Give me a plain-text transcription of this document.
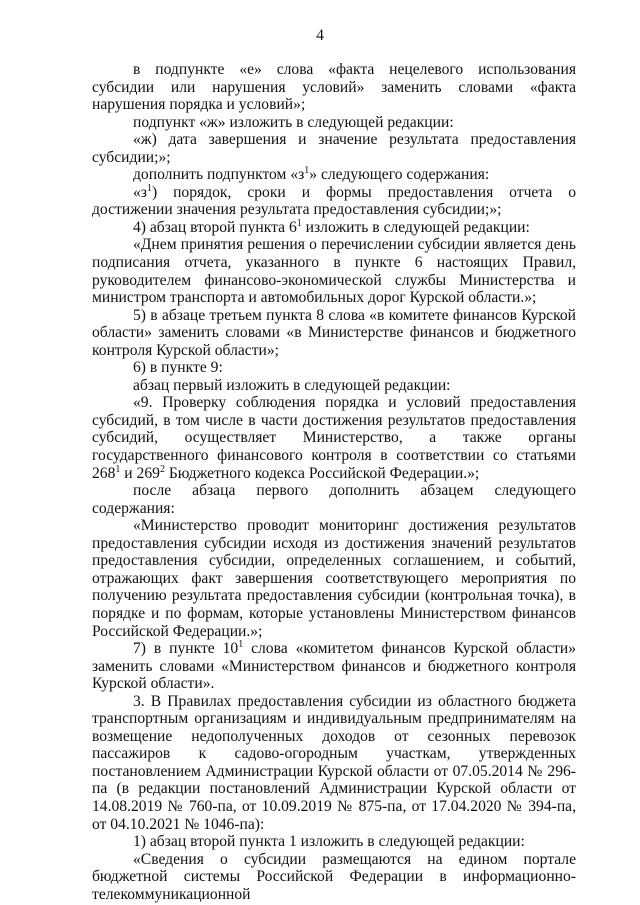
4

в подпункте «е» слова «факта нецелевого использования субсидии или нарушения условий» заменить словами «факта нарушения порядка и условий»;

подпункт «ж» изложить в следующей редакции:

«ж) дата завершения и значение результата предоставления субсидии;»;

дополнить подпунктом «$з^1$» следующего содержания:

«$з^1$) порядок, сроки и формы предоставления отчета о достижении значения результата предоставления субсидии;»;

4) абзац второй пункта $6^1$ изложить в следующей редакции:

«Днем принятия решения о перечислении субсидии является день подписания отчета, указанного в пункте 6 настоящих Правил, руководителем финансово-экономической службы Министерства и министром транспорта и автомобильных дорог Курской области.»;

5) в абзаце третьем пункта 8 слова «в комитете финансов Курской области» заменить словами «в Министерстве финансов и бюджетного контроля Курской области»;

6) в пункте 9:

абзац первый изложить в следующей редакции:

«9. Проверку соблюдения порядка и условий предоставления субсидий, в том числе в части достижения результатов предоставления субсидий, осуществляет Министерство, а также органы государственного финансового контроля в соответствии со статьями $268^1$ и $269^2$ Бюджетного кодекса Российской Федерации.»;

после абзаца первого дополнить абзацем следующего содержания:

«Министерство проводит мониторинг достижения результатов предоставления субсидии исходя из достижения значений результатов предоставления субсидии, определенных соглашением, и событий, отражающих факт завершения соответствующего мероприятия по получению результата предоставления субсидии (контрольная точка), в порядке и по формам, которые установлены Министерством финансов Российской Федерации.»;

7) в пункте $10^1$ слова «комитетом финансов Курской области» заменить словами «Министерством финансов и бюджетного контроля Курской области».

3. В Правилах предоставления субсидии из областного бюджета транспортным организациям и индивидуальным предпринимателям на возмещение недополученных доходов от сезонных перевозок пассажиров к садово-огородным участкам, утвержденных постановлением Администрации Курской области от 07.05.2014 № 296-па (в редакции постановлений Администрации Курской области от 14.08.2019 № 760-па, от 10.09.2019 № 875-па, от 17.04.2020 № 394-па, от 04.10.2021 № 1046-па):

1) абзац второй пункта 1 изложить в следующей редакции:

«Сведения о субсидии размещаются на едином портале бюджетной системы Российской Федерации в информационно-телекоммуникационной
